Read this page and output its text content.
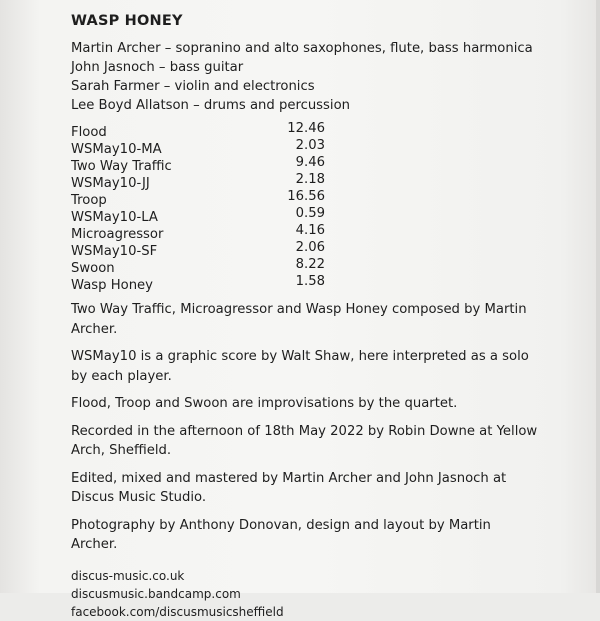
WASP HONEY
Martin Archer – sopranino and alto saxophones, flute, bass harmonica
John Jasnoch – bass guitar
Sarah Farmer – violin and electronics
Lee Boyd Allatson – drums and percussion
Flood	12.46
WSMay10-MA	2.03
Two Way Traffic	9.46
WSMay10-JJ	2.18
Troop	16.56
WSMay10-LA	0.59
Microagressor	4.16
WSMay10-SF	2.06
Swoon	8.22
Wasp Honey	1.58
Two Way Traffic, Microagressor and Wasp Honey composed by Martin Archer.
WSMay10 is a graphic score by Walt Shaw, here interpreted as a solo by each player.
Flood, Troop and Swoon are improvisations by the quartet.
Recorded in the afternoon of 18th May 2022 by Robin Downe at Yellow Arch, Sheffield.
Edited, mixed and mastered by Martin Archer and John Jasnoch at Discus Music Studio.
Photography by Anthony Donovan, design and layout by Martin Archer.
discus-music.co.uk
discusmusic.bandcamp.com
facebook.com/discusmusicsheffield
